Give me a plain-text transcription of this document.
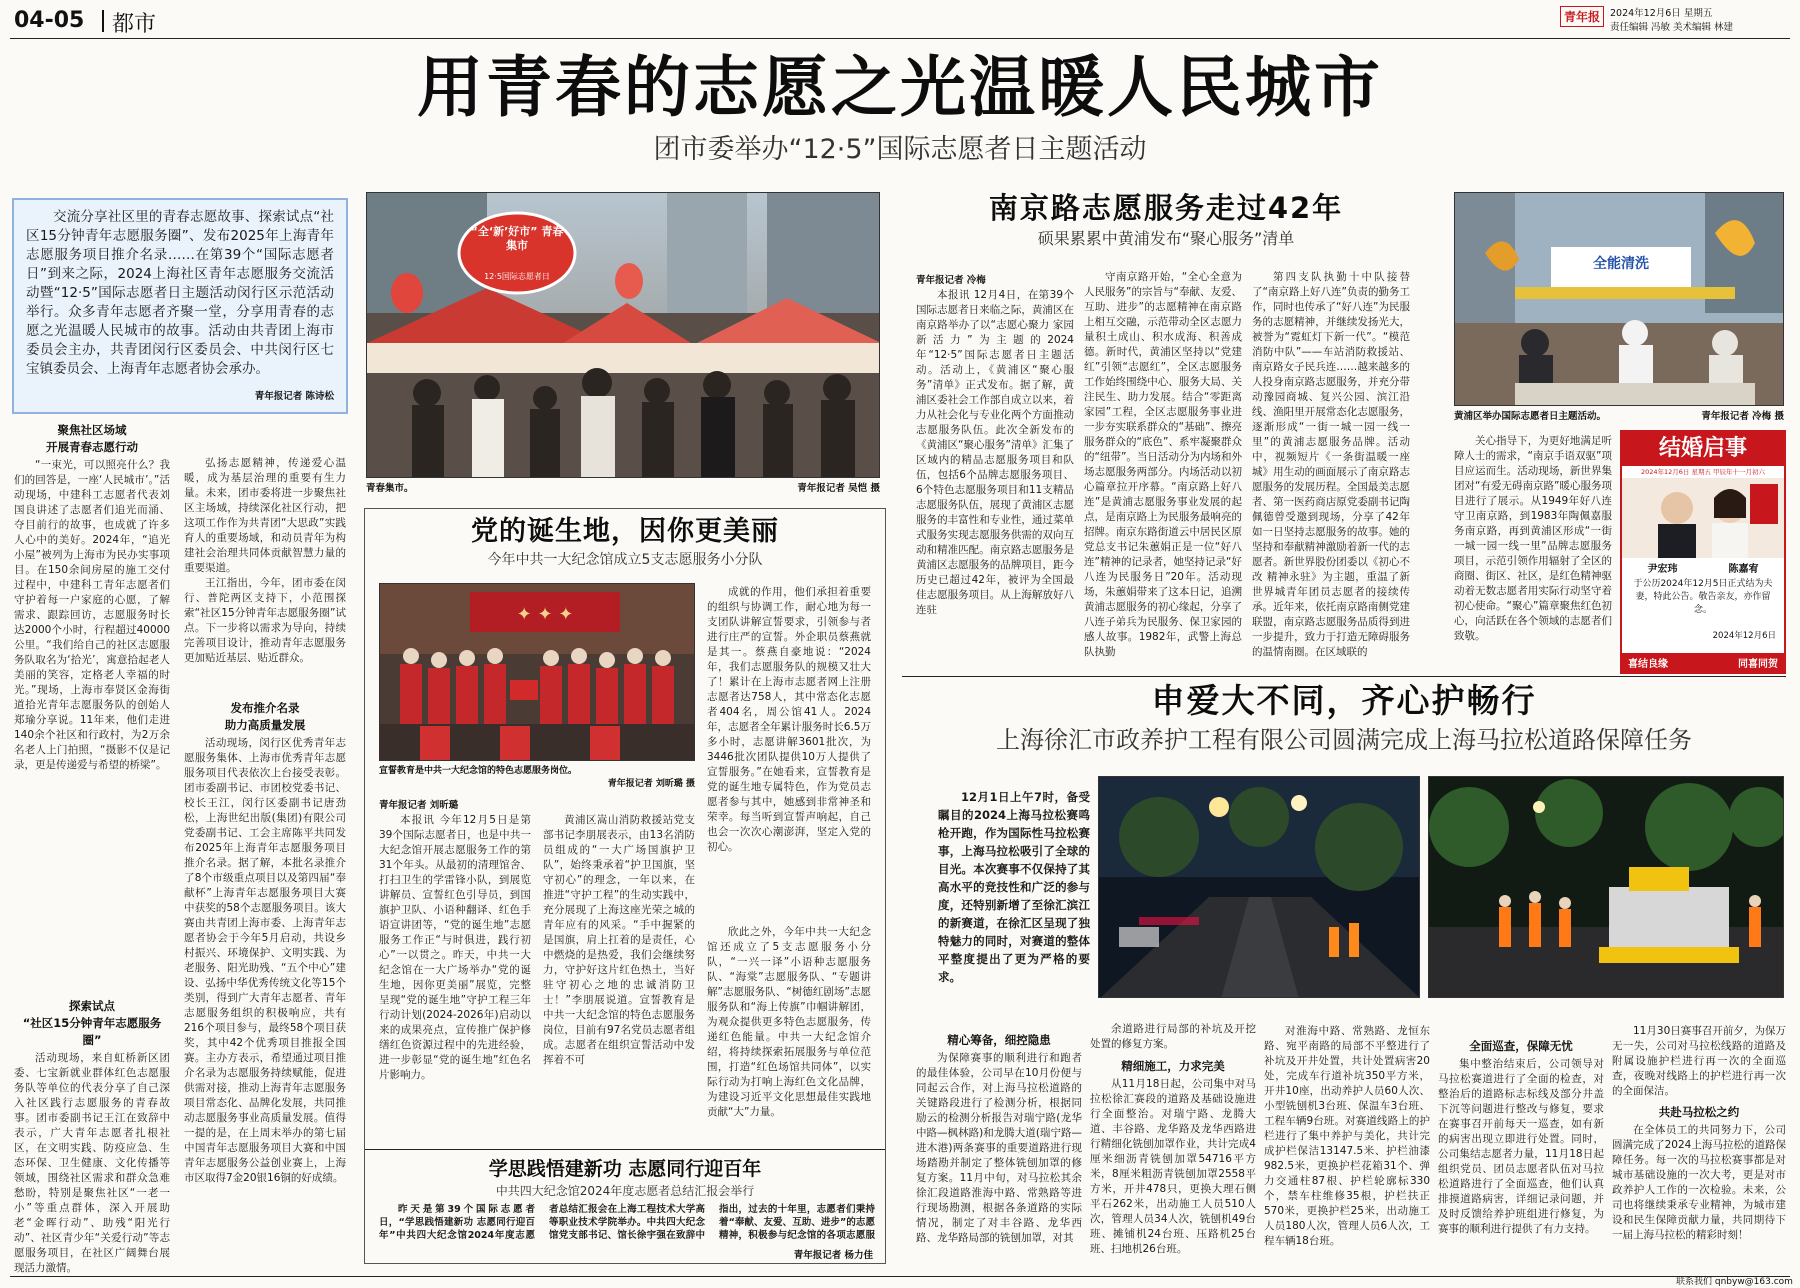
04-05 都市	青年报	2024年12月6日 星期五
责任编辑 冯敏 美术编辑 林建
用青春的志愿之光温暖人民城市
团市委举办“12·5”国际志愿者日主题活动
交流分享社区里的青春志愿故事、探索试点“社区15分钟青年志愿服务圈”、发布2025年上海青年志愿服务项目推介名录……在第39个“国际志愿者日”到来之际，2024上海社区青年志愿服务交流活动暨“12·5”国际志愿者日主题活动闵行区示范活动举行。众多青年志愿者齐聚一堂，分享用青春的志愿之光温暖人民城市的故事。活动由共青团上海市委员会主办，共青团闵行区委员会、中共闵行区七宝镇委员会、上海青年志愿者协会承办。
青年报记者 陈诗松
“全‘新’好市” 青春集市
12·5国际志愿者日
青春集市。	青年报记者 吴恺 摄
聚焦社区场域
开展青春志愿行动
“一束光，可以照亮什么？我们的回答是，一座‘人民城市’。”活动现场，中建科工志愿者代表刘国良讲述了志愿者们追光而涌、夺目前行的故事，也成就了许多人心中的美好。2024年，“追光小屋”被列为上海市为民办实事项目。在150余间房屋的施工交付过程中，中建科工青年志愿者们守护着每一户家庭的心愿，了解需求、跟踪回访，志愿服务时长达2000个小时，行程超过40000公里。“我们给自己的社区志愿服务队取名为‘拾光’，寓意拾起老人美丽的笑容，定格老人幸福的时光。”现场，上海市奉贤区金海街道拾光青年志愿服务队的创始人郑瑜分享说。11年来，他们走进140余个社区和行政村，为2万余名老人上门拍照，“摄影不仅是记录，更是传递爱与希望的桥梁”。
探索试点
“社区15分钟青年志愿服务圈”
活动现场，来自虹桥新区团委、七宝新就业群体红色志愿服务队等单位的代表分享了自己深入社区践行志愿服务的青春故事。团市委副书记王江在致辞中表示，广大青年志愿者扎根社区，在文明实践、防疫应急、生态环保、卫生健康、文化传播等领域，围绕社区需求和群众急难愁盼，特别是聚焦社区“一老一小”等重点群体，深入开展助老“金晖行动”、助残“阳光行动”、社区青少年“关爱行动”等志愿服务项目，在社区广阔舞台展现活力激情。
弘扬志愿精神，传递爱心温暖，成为基层治理的重要有生力量。未来，团市委将进一步聚焦社区主场域，持续深化社区行动，把这项工作作为共青团“大思政”实践育人的重要场域，和动员青年为构建社会治理共同体贡献智慧力量的重要渠道。
王江指出，今年，团市委在闵行、普陀两区支持下，小范围探索“社区15分钟青年志愿服务圈”试点。下一步将以需求为导向，持续完善项目设计，推动青年志愿服务更加贴近基层、贴近群众。
发布推介名录
助力高质量发展
活动现场，闵行区优秀青年志愿服务集体、上海市优秀青年志愿服务项目代表依次上台接受表彰。团市委副书记、市团校党委书记、校长王江，闵行区委副书记唐劲松，上海世纪出版(集团)有限公司党委副书记、工会主席陈平共同发布2025年上海青年志愿服务项目推介名录。据了解，本批名录推介了8个市级重点项目以及第四届“奉献杯”上海青年志愿服务项目大赛中获奖的58个志愿服务项目。该大赛由共青团上海市委、上海青年志愿者协会于今年5月启动，共设乡村振兴、环境保护、文明实践、为老服务、阳光助残、“五个中心”建设、弘扬中华优秀传统文化等15个类别，得到广大青年志愿者、青年志愿服务组织的积极响应，共有216个项目参与，最终58个项目获奖，其中42个优秀项目推报全国赛。主办方表示，希望通过项目推介名录为志愿服务持续赋能，促进供需对接，推动上海青年志愿服务项目常态化、品牌化发展，共同推动志愿服务事业高质量发展。值得一提的是，在上周末举办的第七届中国青年志愿服务项目大赛和中国青年志愿服务公益创业赛上，上海市区取得7金20银16铜的好成绩。
党的诞生地，因你更美丽
今年中共一大纪念馆成立5支志愿服务小分队
✦ ✦ ✦
宣誓教育是中共一大纪念馆的特色志愿服务岗位。
青年报记者 刘昕璐 摄
青年报记者 刘昕璐
本报讯 今年12月5日是第39个国际志愿者日，也是中共一大纪念馆开展志愿服务工作的第31个年头。从最初的清理馆舍、打扫卫生的学雷锋小队，到展览讲解员、宣誓红色引导员，到国旗护卫队、小语种翻译、红色手语宣讲团等，“党的诞生地”志愿服务工作正“与时俱进，践行初心”一以贯之。昨天，中共一大纪念馆在一大广场举办“党的诞生地，因你更美丽”展览，完整呈现“党的诞生地”守护工程三年行动计划(2024-2026年)启动以来的成果亮点，宣传推广保护修缮红色资源过程中的先进经验，进一步彰显“党的诞生地”红色名片影响力。
黄浦区嵩山消防救援站党支部书记李朋展表示，由13名消防员组成的“一大广场国旗护卫队”，始终秉承着“护卫国旗，坚守初心”的理念，一年以来，在推进“守护工程”的生动实践中，充分展现了上海这座光荣之城的青年应有的风采。“手中握紧的是国旗，肩上扛着的是责任，心中燃烧的是热爱，我们会继续努力，守护好这片红色热土，当好驻守初心之地的忠诚消防卫士！”李朋展说道。宣誓教育是中共一大纪念馆的特色志愿服务岗位，目前有97名党员志愿者组成。志愿者在组织宣誓活动中发挥着不可
成就的作用，他们承担着重要的组织与协调工作，耐心地为每一支团队讲解宣誓要求，引领参与者进行庄严的宣誓。外企职员蔡燕就是其一。蔡燕自豪地说：“2024年，我们志愿服务队的规模又壮大了！累计在上海市志愿者网上注册志愿者达758人，其中常态化志愿者404名，周公馆41人。2024年，志愿者全年累计服务时长6.5万多小时，志愿讲解3601批次，为3446批次团队提供10万人提供了宣誓服务。”在她看来，宣誓教育是党的诞生地专属特色，作为党员志愿者参与其中，她感到非常神圣和荣幸。每当听到宣誓声响起，自己也会一次次心潮澎湃，坚定入党的初心。
欣此之外，今年中共一大纪念馆还成立了5支志愿服务小分队，“一兴一译”小语种志愿服务队、“海棠”志愿服务队、“专题讲解”志愿服务队、“树德红剧场”志愿服务队和“海上传旗”巾帼讲解团，为观众提供更多特色志愿服务，传递红色能量。中共一大纪念馆介绍，将持续探索拓展服务与单位范围，打造“红色场馆共同体”，以实际行动为打响上海红色文化品牌，为建设习近平文化思想最佳实践地贡献“大”力量。
学思践悟建新功 志愿同行迎百年
中共四大纪念馆2024年度志愿者总结汇报会举行
昨天是第39个国际志愿者日，“学思践悟建新功 志愿同行迎百年”中共四大纪念馆2024年度志愿者总结汇报会在上海工程技术大学高等职业技术学院举办。中共四大纪念馆党支部书记、馆长徐宇强在致辞中指出，过去的十年里，志愿者们秉持着“奉献、友爱、互助、进步”的志愿精神，积极参与纪念馆的各项志愿服
青年报记者 杨力佳
南京路志愿服务走过42年
硕果累累中黄浦发布“聚心服务”清单
青年报记者 冷梅
本报讯 12月4日，在第39个国际志愿者日来临之际，黄浦区在南京路举办了以“志愿心聚力 家园新活力”为主题的2024年“12·5”国际志愿者日主题活动。活动上，《黄浦区“聚心服务”清单》正式发布。据了解，黄浦区委社会工作部自成立以来，着力从社会化与专业化两个方面推动志愿服务队伍。此次全新发布的《黄浦区“聚心服务”清单》汇集了区域内的精品志愿服务项目和队伍，包括6个品牌志愿服务项目、6个特色志愿服务项目和11支精品志愿服务队伍，展现了黄浦区志愿服务的丰富性和专业性，通过菜单式服务实现志愿服务供需的双向互动和精准匹配。南京路志愿服务是黄浦区志愿服务的品牌项目，距今历史已超过42年，被评为全国最佳志愿服务项目。从上海解放好八连驻
守南京路开始，“全心全意为人民服务”的宗旨与“奉献、友爱、互助、进步”的志愿精神在南京路上相互交融，示范带动全区志愿力量积土成山、积水成海、积善成德。新时代，黄浦区坚持以“党建红”引领“志愿红”，全区志愿服务工作始终围绕中心、服务大局、关注民生、助力发展。结合“零距离家园”工程，全区志愿服务事业进一步夯实联系群众的“基础”、擦亮服务群众的“底色”、系牢凝聚群众的“纽带”。当日活动分为内场和外场志愿服务两部分。内场活动以初心篇章拉开序幕。“南京路上好八连”是黄浦志愿服务事业发展的起点，是南京路上为民服务最响亮的招牌。南京东路街道云中居民区原党总支书记朱蕙娟正是一位“好八连”精神的记录者，她坚持记录“好八连为民服务日”20年。活动现场，朱蕙娟带来了这本日记，追溯黄浦志愿服务的初心缘起，分享了八连子弟兵为民服务、保卫家园的感人故事。1982年，武警上海总队执勤
第四支队执勤十中队接替了“南京路上好八连”负责的勤务工作，同时也传承了“好八连”为民服务的志愿精神，并继续发扬光大，被誉为“霓虹灯下新一代”。“模范消防中队”——车站消防救援站、南京路女子民兵连……越来越多的人投身南京路志愿服务，并充分带动豫园商城、复兴公园、滨江沿线、渔阳里开展常态化志愿服务，逐渐形成“一街一城一园一线一里”的黄浦志愿服务品牌。活动中，视频短片《一条街温暖一座城》用生动的画面展示了南京路志愿服务的发展历程。全国最美志愿者、第一医药商店原党委副书记陶佩德曾受邀到现场，分享了42年如一日坚持志愿服务的故事。她的坚持和奉献精神激励着新一代的志愿者。新世界股份团委以《初心不改 精神永驻》为主题，重温了新世界城青年团员志愿者的接续传承。近年来，依托南京路南侧党建联盟，南京路志愿服务品质得到进一步提升，致力于打造无障碍服务的温情南圈。在区域联的
全能清洗
黄浦区举办国际志愿者日主题活动。	青年报记者 冷梅 摄
关心指导下，为更好地满足听障人士的需求，“南京手语双驱”项目应运而生。活动现场，新世界集团对“有爱无碍南京路”暖心服务项目进行了展示。从1949年好八连守卫南京路，到1983年陶佩嘉服务南京路，再到黄浦区形成“一街一城一园一线一里”品牌志愿服务项目，示范引领作用辐射了全区的商圈、街区、社区，是红色精神驱动着无数志愿者用实际行动坚守着初心使命。“聚心”篇章聚焦红色初心，向活跃在各个领域的志愿者们致敬。
结婚启事
2024年12月6日 星期五 甲辰年十一月初六
尹宏玮	陈嘉宥
于公历2024年12月5日正式结为夫妻，特此公告。敬告亲友，亦作留念。
2024年12月6日
喜结良缘	同喜同贺
申爱大不同，齐心护畅行
上海徐汇市政养护工程有限公司圆满完成上海马拉松道路保障任务
12月1日上午7时，备受瞩目的2024上海马拉松赛鸣枪开跑，作为国际性马拉松赛事，上海马拉松吸引了全球的目光。本次赛事不仅保持了其高水平的竞技性和广泛的参与度，还特别新增了至徐汇滨江的新赛道，在徐汇区呈现了独特魅力的同时，对赛道的整体平整度提出了更为严格的要求。
精心筹备，细控隐患
为保障赛事的顺利进行和跑者的最佳体验，公司早在10月份便与同起云合作，对上海马拉松道路的关键路段进行了检测分析，根据同励云的检测分析报告对瑞宁路(龙华中路—枫林路)和龙腾大道(瑞宁路—进木港)两条赛事的重要道路进行现场踏勘并制定了整体铣刨加罩的修复方案。11月中旬，对马拉松其余徐汇段道路淮海中路、常熟路等进行现场勘测，根据各条道路的实际情况，制定了对丰谷路、龙华西路、龙华路局部的铣刨加罩，对其
余道路进行局部的补坑及开挖处置的修复方案。
精细施工，力求完美
从11月18日起，公司集中对马拉松徐汇赛段的道路及基础设施进行全面整治。对瑞宁路、龙腾大道、丰谷路、龙华路及龙华西路进行精细化铣刨加罩作业，共计完成4厘米细沥青铣刨加罩54716平方米，8厘米粗沥青铣刨加罩2558平方米，开井478只，更换大理石侧平石262米，出动施工人员510人次，管理人员34人次，铣刨机49台班、摊铺机24台班、压路机25台班、扫地机26台班。
对淮海中路、常熟路、龙恒东路、宛平南路的局部不平整进行了补坑及开井处置，共计处置病害20处，完成车行道补坑350平方米，开井10座，出动养护人员60人次、小型铣刨机3台班、保温车3台班、工程车辆9台班。对赛道线路上的护栏进行了集中养护与美化，共计完成护栏保洁13147.5米、护栏油漆982.5米，更换护栏花箱31个、弹力交通柱87根、护栏轮廓标330个，禁车柱维修35根，护栏扶正570米，更换护栏25米，出动施工人员180人次，管理人员6人次，工程车辆18台班。
全面巡查，保障无忧
集中整治结束后，公司领导对马拉松赛道进行了全面的检查，对整治后的道路标志标线及部分井盖下沉等问题进行整改与修复，要求在赛事召开前每天一巡查，如有新的病害出现立即进行处置。同时，公司集结志愿者力量，11月18日起组织党员、团员志愿者队伍对马拉松道路进行了全面巡查，他们认真排摸道路病害，详细记录问题，并及时反馈给养护班组进行修复，为赛事的顺利进行提供了有力支持。
11月30日赛事召开前夕，为保万无一失，公司对马拉松线路的道路及附属设施护栏进行再一次的全面巡查，夜晚对线路上的护栏进行再一次的全面保洁。
共赴马拉松之约
在全体员工的共同努力下，公司圆满完成了2024上海马拉松的道路保障任务。每一次的马拉松赛事都是对城市基础设施的一次大考，更是对市政养护人工作的一次检验。未来，公司也将继续秉承专业精神，为城市建设和民生保障贡献力量，共同期待下一届上海马拉松的精彩时刻！
联系我们 qnbyw@163.com
